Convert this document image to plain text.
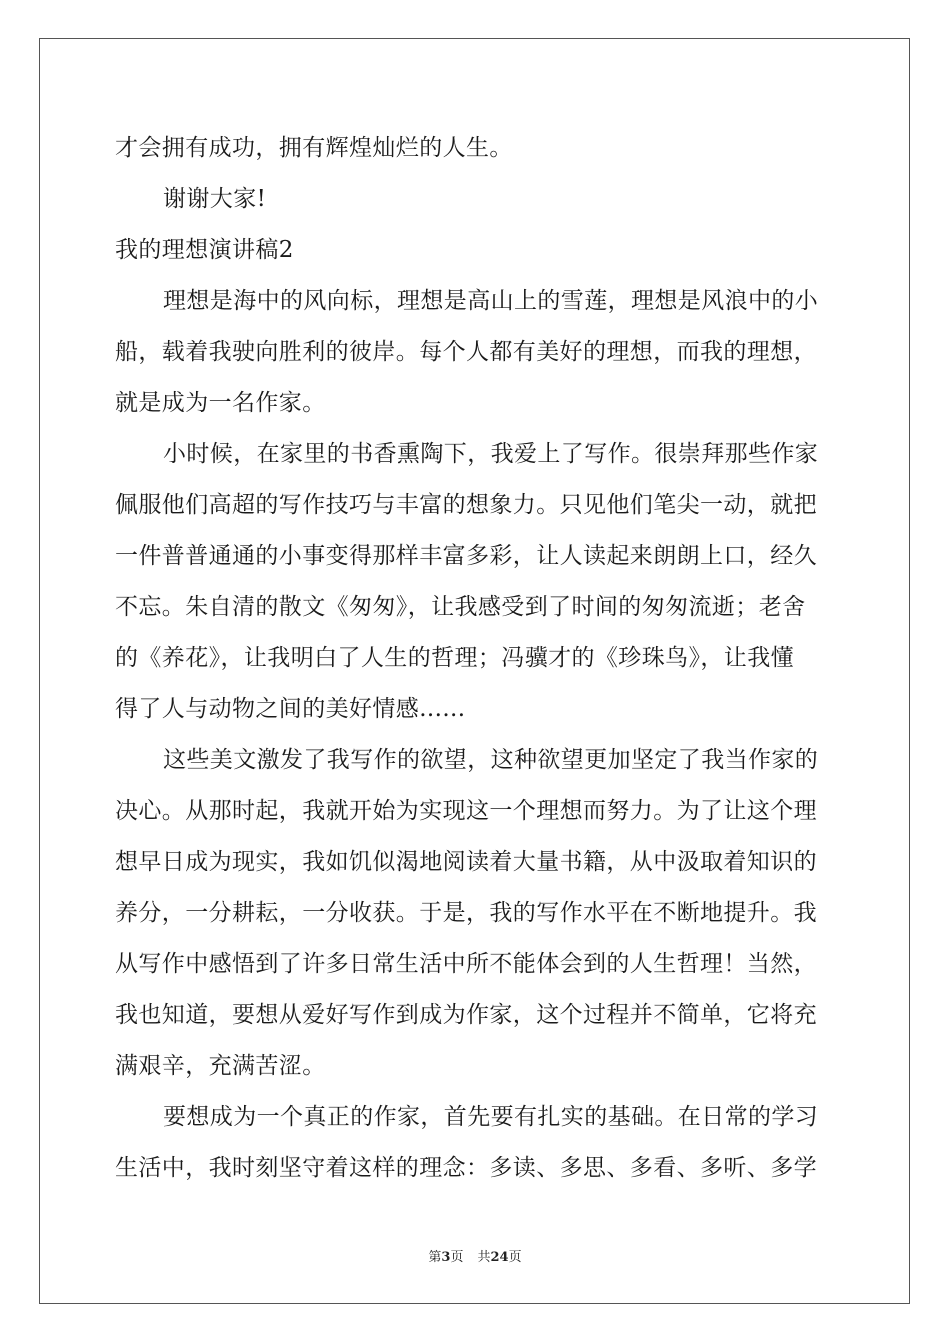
才会拥有成功，拥有辉煌灿烂的人生。
谢谢大家!
我的理想演讲稿2
理想是海中的风向标，理想是高山上的雪莲，理想是风浪中的小
船，载着我驶向胜利的彼岸。每个人都有美好的理想，而我的理想，
就是成为一名作家。
小时候，在家里的书香熏陶下，我爱上了写作。很崇拜那些作家
佩服他们高超的写作技巧与丰富的想象力。只见他们笔尖一动，就把
一件普普通通的小事变得那样丰富多彩，让人读起来朗朗上口，经久
不忘。朱自清的散文《匆匆》，让我感受到了时间的匆匆流逝；老舍
的《养花》，让我明白了人生的哲理；冯骥才的《珍珠鸟》，让我懂
得了人与动物之间的美好情感......
这些美文激发了我写作的欲望，这种欲望更加坚定了我当作家的
决心。从那时起，我就开始为实现这一个理想而努力。为了让这个理
想早日成为现实，我如饥似渴地阅读着大量书籍，从中汲取着知识的
养分，一分耕耘，一分收获。于是，我的写作水平在不断地提升。我
从写作中感悟到了许多日常生活中所不能体会到的人生哲理！当然，
我也知道，要想从爱好写作到成为作家，这个过程并不简单，它将充
满艰辛，充满苦涩。
要想成为一个真正的作家，首先要有扎实的基础。在日常的学习
生活中，我时刻坚守着这样的理念：多读、多思、多看、多听、多学
第3页 共24页
